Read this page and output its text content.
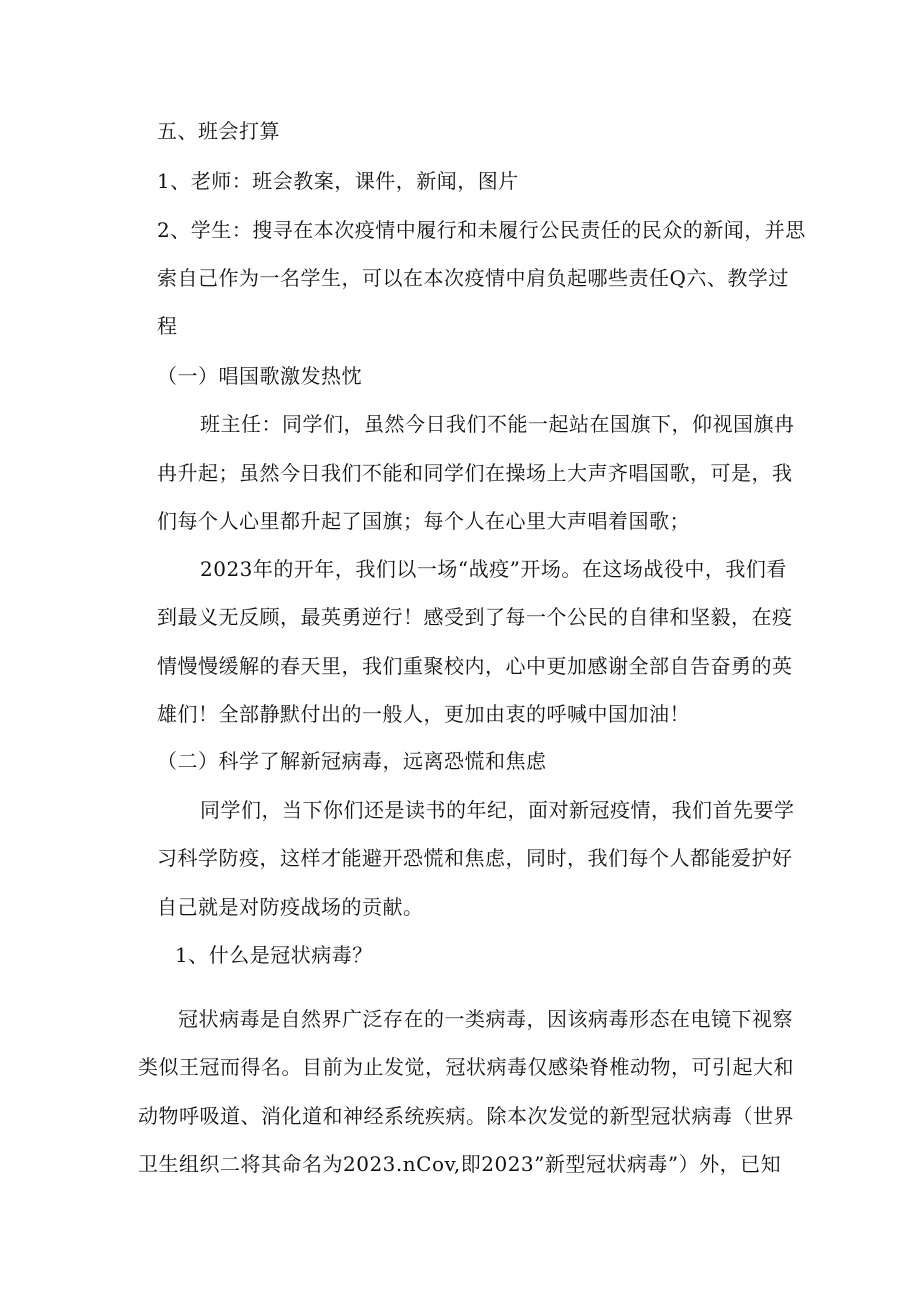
五、班会打算

1、老师：班会教案，课件，新闻，图片

2、学生：搜寻在本次疫情中履行和未履行公民责任的民众的新闻，并思

索自己作为一名学生，可以在本次疫情中肩负起哪些责任Q六、教学过

程

（一）唱国歌激发热忱

班主任：同学们，虽然今日我们不能一起站在国旗下，仰视国旗冉

冉升起；虽然今日我们不能和同学们在操场上大声齐唱国歌，可是，我

们每个人心里都升起了国旗；每个人在心里大声唱着国歌；

2023年的开年，我们以一场“战疫”开场。在这场战役中，我们看

到最义无反顾，最英勇逆行！感受到了每一个公民的自律和坚毅，在疫

情慢慢缓解的春天里，我们重聚校内，心中更加感谢全部自告奋勇的英

雄们！全部静默付出的一般人，更加由衷的呼喊中国加油！

（二）科学了解新冠病毒，远离恐慌和焦虑

同学们，当下你们还是读书的年纪，面对新冠疫情，我们首先要学

习科学防疫，这样才能避开恐慌和焦虑，同时，我们每个人都能爱护好

自己就是对防疫战场的贡献。

1、什么是冠状病毒？

冠状病毒是自然界广泛存在的一类病毒，因该病毒形态在电镜下视察

类似王冠而得名。目前为止发觉，冠状病毒仅感染脊椎动物，可引起大和

动物呼吸道、消化道和神经系统疾病。除本次发觉的新型冠状病毒（世界

卫生组织二将其命名为2023.nCov,即2023”新型冠状病毒”）外，已知
